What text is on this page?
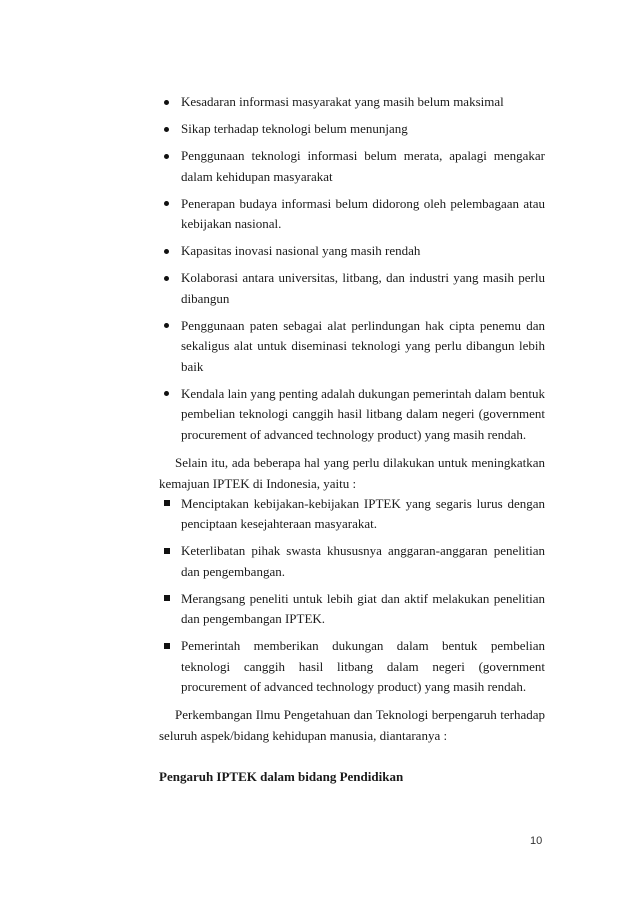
Kesadaran informasi masyarakat yang masih belum maksimal
Sikap terhadap teknologi belum menunjang
Penggunaan teknologi informasi belum merata, apalagi mengakar dalam kehidupan masyarakat
Penerapan budaya informasi belum didorong oleh pelembagaan atau kebijakan nasional.
Kapasitas inovasi nasional yang masih rendah
Kolaborasi antara universitas, litbang, dan industri yang masih perlu dibangun
Penggunaan paten sebagai alat perlindungan hak cipta penemu dan sekaligus alat untuk diseminasi teknologi yang perlu dibangun lebih baik
Kendala lain yang penting adalah dukungan pemerintah dalam bentuk pembelian teknologi canggih hasil litbang dalam negeri (government procurement of advanced technology product) yang masih rendah.

Selain itu, ada beberapa hal yang perlu dilakukan untuk meningkatkan kemajuan IPTEK di Indonesia, yaitu :

Menciptakan kebijakan-kebijakan IPTEK yang segaris lurus dengan penciptaan kesejahteraan masyarakat.
Keterlibatan pihak swasta khususnya anggaran-anggaran penelitian dan pengembangan.
Merangsang peneliti untuk lebih giat dan aktif melakukan penelitian dan pengembangan IPTEK.
Pemerintah memberikan dukungan dalam bentuk pembelian teknologi canggih hasil litbang dalam negeri (government procurement of advanced technology product) yang masih rendah.

Perkembangan Ilmu Pengetahuan dan Teknologi berpengaruh terhadap seluruh aspek/bidang kehidupan manusia, diantaranya :

Pengaruh IPTEK dalam bidang Pendidikan
10
